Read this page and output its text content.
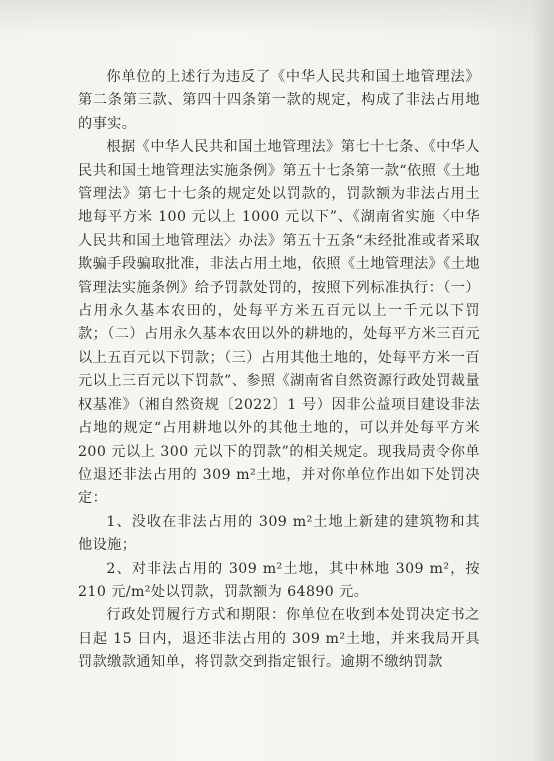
你单位的上述行为违反了《中华人民共和国土地管理法》第二条第三款、第四十四条第一款的规定，构成了非法占用地的事实。

根据《中华人民共和国土地管理法》第七十七条、《中华人民共和国土地管理法实施条例》第五十七条第一款“依照《土地管理法》第七十七条的规定处以罚款的，罚款额为非法占用土地每平方米 100 元以上 1000 元以下”、《湖南省实施〈中华人民共和国土地管理法〉办法》第五十五条“未经批准或者采取欺骗手段骗取批准，非法占用土地，依照《土地管理法》《土地管理法实施条例》给予罚款处罚的，按照下列标准执行：（一）占用永久基本农田的，处每平方米五百元以上一千元以下罚款；（二）占用永久基本农田以外的耕地的，处每平方米三百元以上五百元以下罚款；（三）占用其他土地的，处每平方米一百元以上三百元以下罚款”、参照《湖南省自然资源行政处罚裁量权基准》（湘自然资规〔2022〕1 号）因非公益项目建设非法占地的规定“占用耕地以外的其他土地的，可以并处每平方米 200 元以上 300 元以下的罚款”的相关规定。现我局责令你单位退还非法占用的 309 m²土地，并对你单位作出如下处罚决定：

1、没收在非法占用的 309 m²土地上新建的建筑物和其他设施；

2、对非法占用的 309 m²土地，其中林地 309 m²，按 210 元/m²处以罚款，罚款额为 64890 元。

行政处罚履行方式和期限：你单位在收到本处罚决定书之日起 15 日内，退还非法占用的 309 m²土地，并来我局开具罚款缴款通知单，将罚款交到指定银行。逾期不缴纳罚款
